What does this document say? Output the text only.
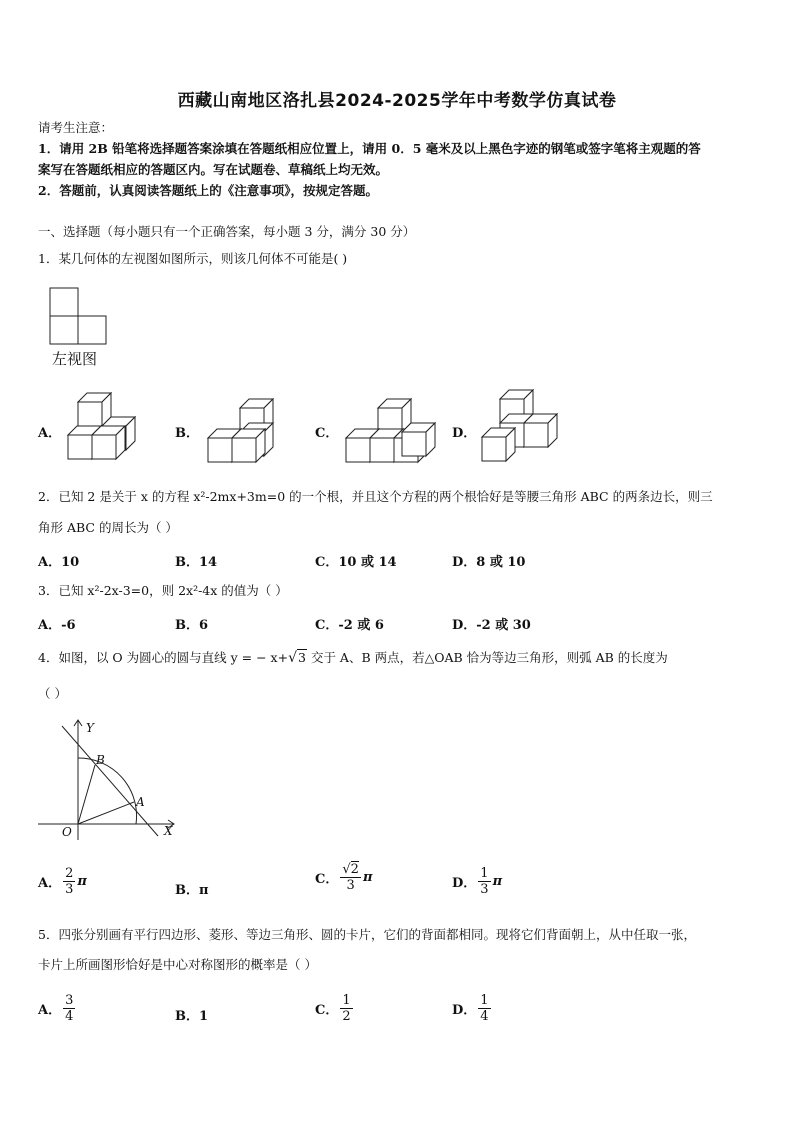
西藏山南地区洛扎县2024-2025学年中考数学仿真试卷
请考生注意：
1．请用 2B 铅笔将选择题答案涂填在答题纸相应位置上，请用 0．5 毫米及以上黑色字迹的钢笔或签字笔将主观题的答
案写在答题纸相应的答题区内。写在试题卷、草稿纸上均无效。
2．答题前，认真阅读答题纸上的《注意事项》，按规定答题。
一、选择题（每小题只有一个正确答案，每小题 3 分，满分 30 分）
1．某几何体的左视图如图所示，则该几何体不可能是( )
左视图
A．	B．	C．	D．
2．已知 2 是关于 x 的方程 x²-2mx+3m=0 的一个根，并且这个方程的两个根恰好是等腰三角形 ABC 的两条边长，则三
角形 ABC 的周长为（ ）
A．10	B．14	C．10 或 14	D．8 或 10
3．已知 x²-2x-3=0，则 2x²-4x 的值为（ ）
A．-6	B．6	C．-2 或 6	D．-2 或 30
4．如图，以 O 为圆心的圆与直线 y = − x+√3 交于 A、B 两点，若△OAB 恰为等边三角形，则弧 AB 的长度为
（ ）
Y
X
O
A
B
A． $\frac{2}{3}$ π
B．π
C． $\frac{√2}{3}$ π	D． $\frac{1}{3}$ π
5．四张分别画有平行四边形、菱形、等边三角形、圆的卡片，它们的背面都相同。现将它们背面朝上，从中任取一张，
卡片上所画图形恰好是中心对称图形的概率是（ ）
A． $\frac{3}{4}$	B．1	C． $\frac{1}{2}$	D． $\frac{1}{4}$
